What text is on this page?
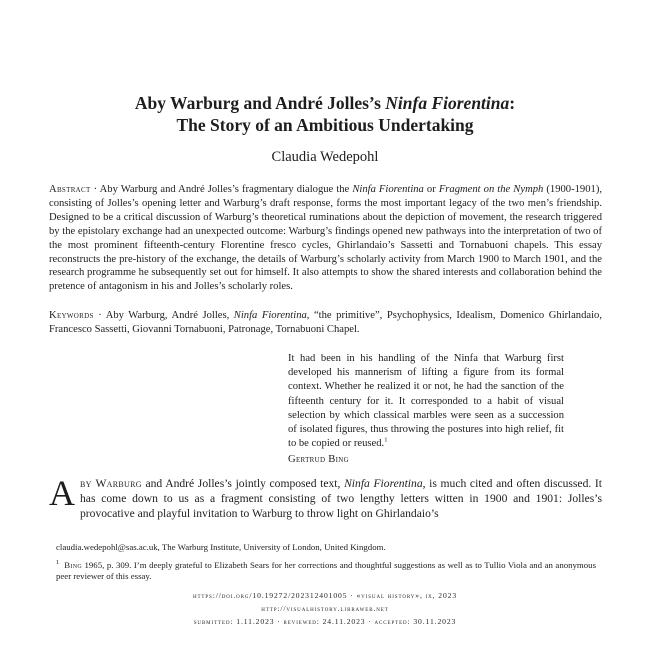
Aby Warburg and André Jolles’s Ninfa Fiorentina:
The Story of an Ambitious Undertaking
Claudia Wedepohl
Abstract · Aby Warburg and André Jolles’s fragmentary dialogue the Ninfa Fiorentina or Fragment on the Nymph (1900-1901), consisting of Jolles’s opening letter and Warburg’s draft response, forms the most important legacy of the two men’s friendship. Designed to be a critical discussion of Warburg’s theoretical ruminations about the depiction of movement, the research triggered by the epistolary exchange had an unexpected outcome: Warburg’s findings opened new pathways into the interpretation of two of the most prominent fifteenth-century Florentine fresco cycles, Ghirlandaio’s Sassetti and Tornabuoni chapels. This essay reconstructs the pre-history of the exchange, the details of Warburg’s scholarly activity from March 1900 to March 1901, and the research programme he subsequently set out for himself. It also attempts to show the shared interests and collaboration behind the pretence of antagonism in his and Jolles’s scholarly roles.
Keywords · Aby Warburg, André Jolles, Ninfa Fiorentina, “the primitive”, Psychophysics, Idealism, Domenico Ghirlandaio, Francesco Sassetti, Giovanni Tornabuoni, Patronage, Tornabuoni Chapel.
It had been in his handling of the Ninfa that Warburg first developed his mannerism of lifting a figure from its formal context. Whether he realized it or not, he had the sanction of the fifteenth century for it. It corresponded to a habit of visual selection by which classical marbles were seen as a succession of isolated figures, thus throwing the postures into high relief, fit to be copied or reused.$^1$
Gertrud Bing
Aby Warburg and André Jolles’s jointly composed text, Ninfa Fiorentina, is much cited and often discussed. It has come down to us as a fragment consisting of two lengthy letters witten in 1900 and 1901: Jolles’s provocative and playful invitation to Warburg to throw light on Ghirlandaio’s
claudia.wedepohl@sas.ac.uk, The Warburg Institute, University of London, United Kingdom.
$^1$ Bing 1965, p. 309. I’m deeply grateful to Elizabeth Sears for her corrections and thoughtful suggestions as well as to Tullio Viola and an anonymous peer reviewer of this essay.
https://doi.org/10.19272/202312401005 · «visual history», ix, 2023
http://visualhistory.libraweb.net
submitted: 1.11.2023 · reviewed: 24.11.2023 · accepted: 30.11.2023
